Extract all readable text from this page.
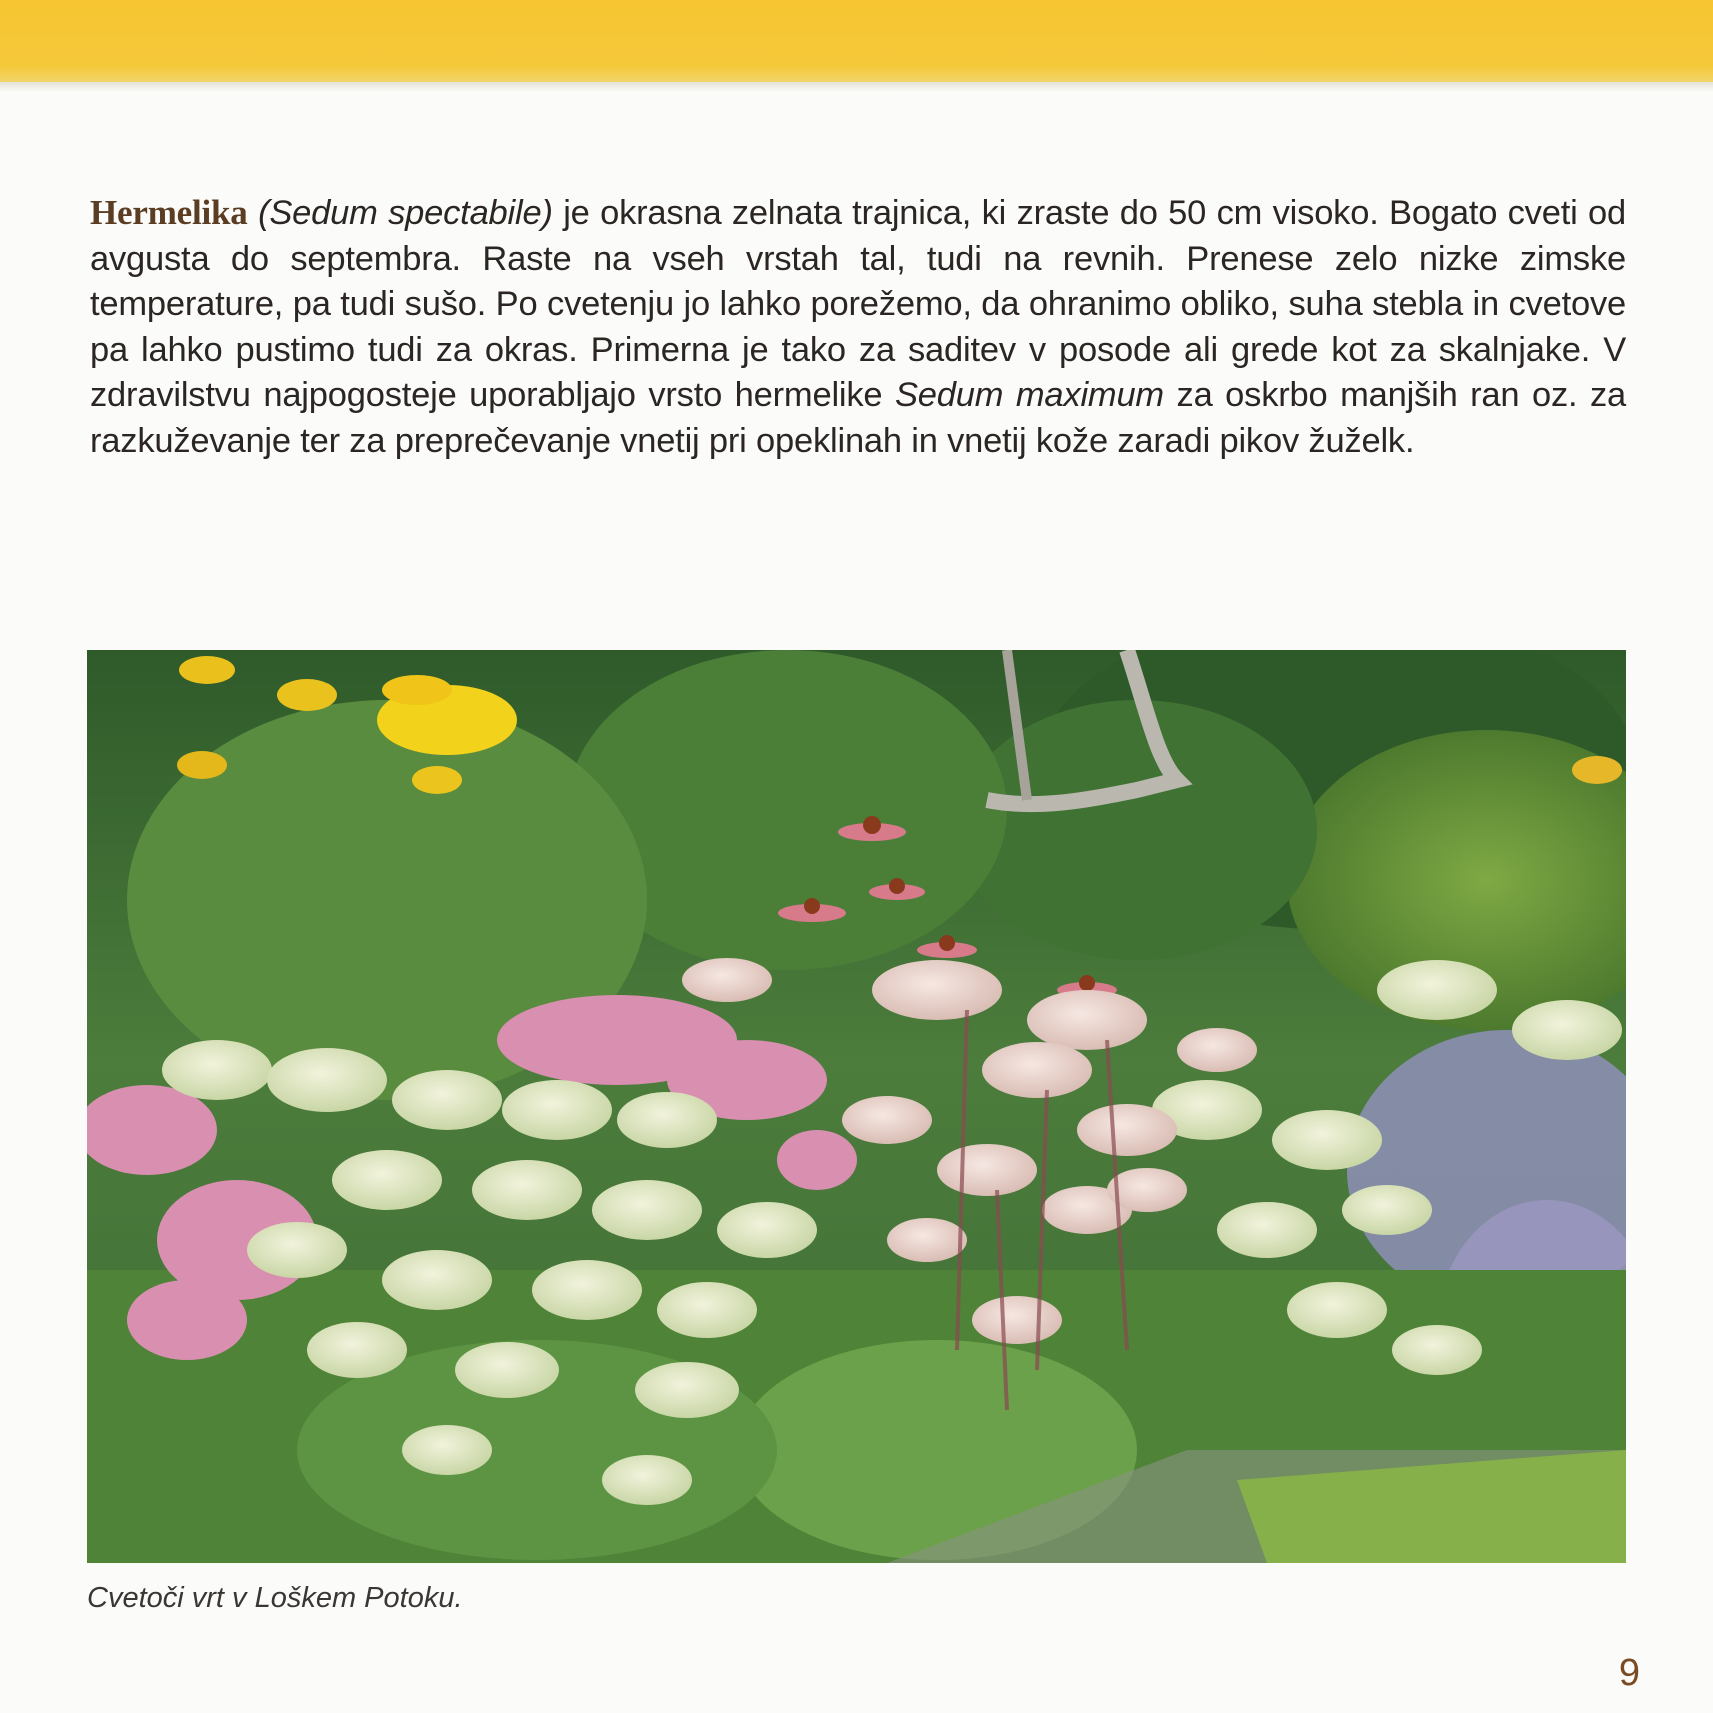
Hermelika (Sedum spectabile) je okrasna zelnata trajnica, ki zraste do 50 cm visoko. Bogato cveti od avgusta do septembra. Raste na vseh vrstah tal, tudi na revnih. Prenese zelo nizke zimske temperature, pa tudi sušo. Po cvetenju jo lahko porežemo, da ohranimo obliko, suha stebla in cvetove pa lahko pustimo tudi za okras. Primerna je tako za saditev v posode ali grede kot za skalnjake. V zdravilstvu najpogosteje uporabljajo vrsto hermelike Sedum maximum za oskrbo manjših ran oz. za razkuževanje ter za preprečevanje vnetij pri opeklinah in vnetij kože zaradi pikov žuželk.

Cvetoči vrt v Loškem Potoku.
9
